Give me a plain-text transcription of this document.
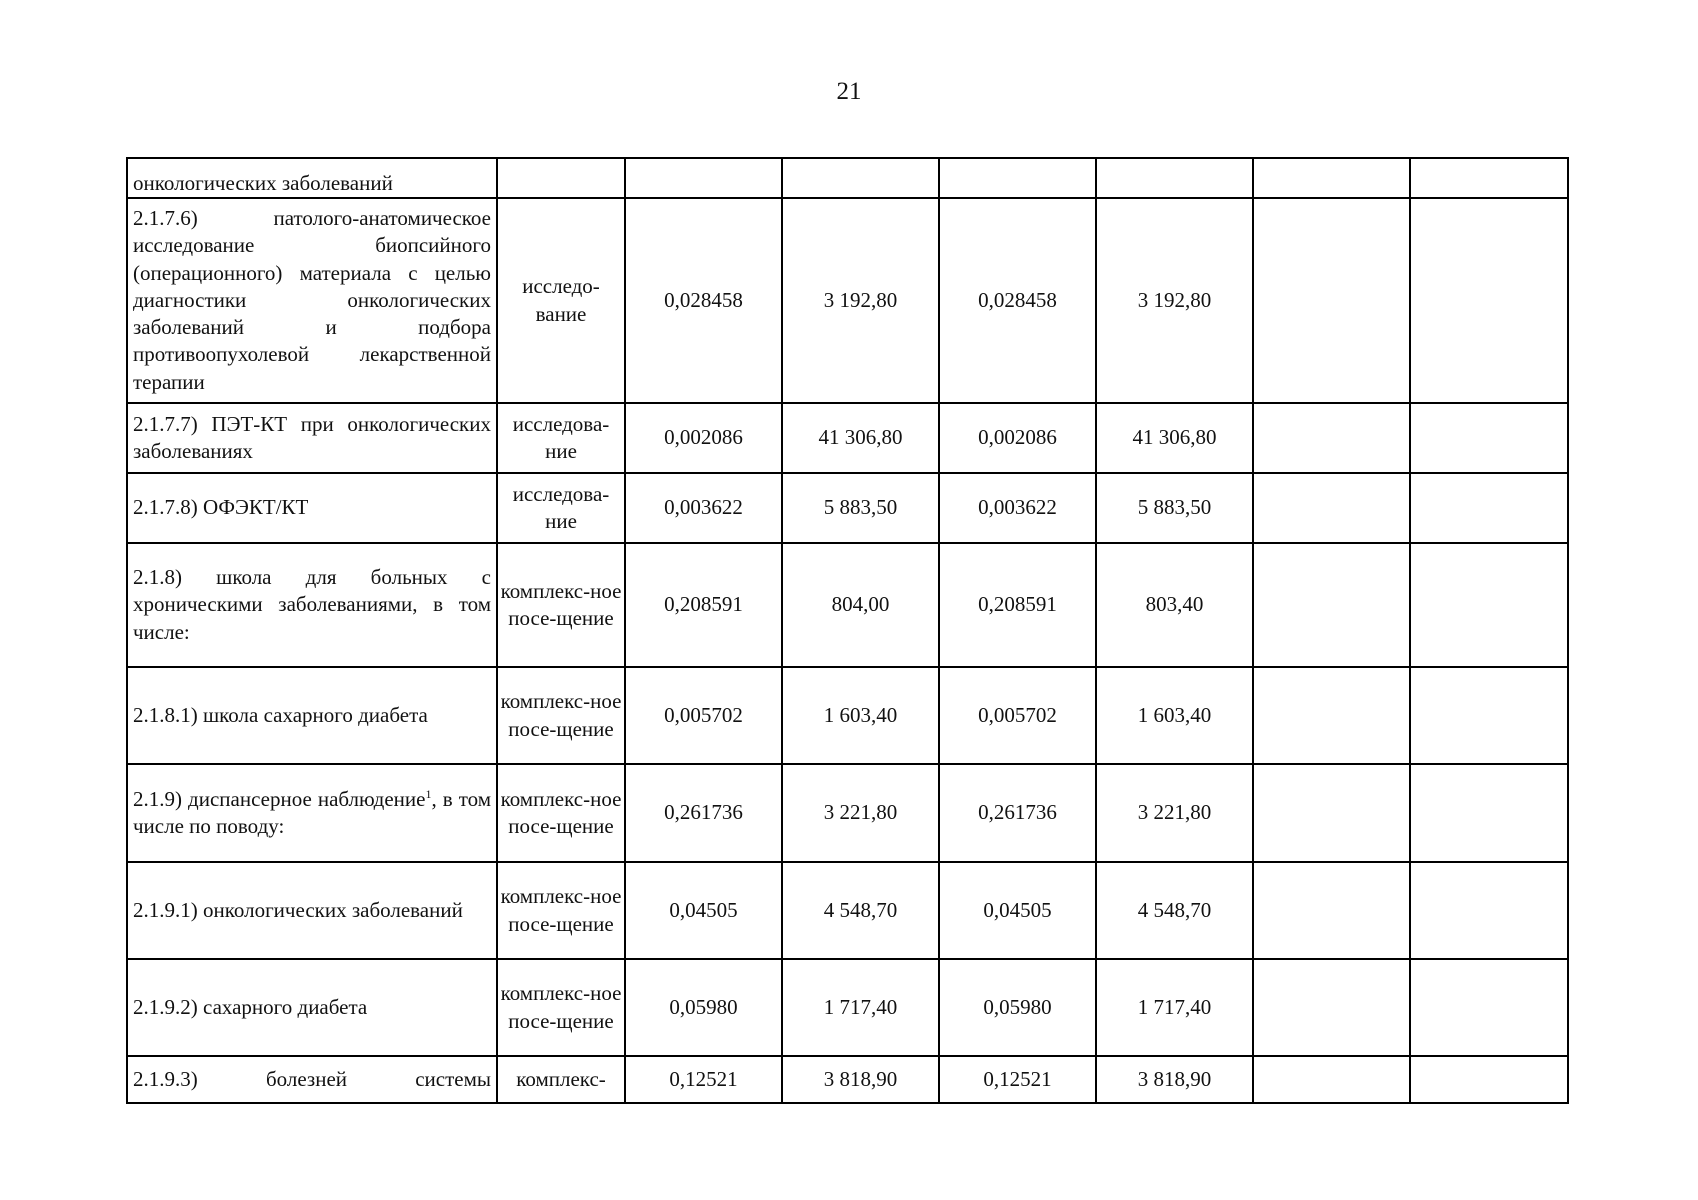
21
онкологических заболеваний							
2.1.7.6) патолого-анатомическое исследование биопсийного (операционного) материала с целью диагностики онкологических заболеваний и подбора противоопухолевой лекарственной терапии	исследо-вание	0,028458	3 192,80	0,028458	3 192,80		
2.1.7.7) ПЭТ-КТ при онкологических заболеваниях	исследова-ние	0,002086	41 306,80	0,002086	41 306,80		
2.1.7.8) ОФЭКТ/КТ	исследова-ние	0,003622	5 883,50	0,003622	5 883,50		
2.1.8) школа для больных с хроническими заболеваниями, в том числе:	комплекс-ное посе-щение	0,208591	804,00	0,208591	803,40		
2.1.8.1) школа сахарного диабета	комплекс-ное посе-щение	0,005702	1 603,40	0,005702	1 603,40		
2.1.9) диспансерное наблюдение$^1$, в том числе по поводу:	комплекс-ное посе-щение	0,261736	3 221,80	0,261736	3 221,80		
2.1.9.1) онкологических заболеваний	комплекс-ное посе-щение	0,04505	4 548,70	0,04505	4 548,70		
2.1.9.2) сахарного диабета	комплекс-ное посе-щение	0,05980	1 717,40	0,05980	1 717,40		
2.1.9.3) болезней системы	комплекс-	0,12521	3 818,90	0,12521	3 818,90		
